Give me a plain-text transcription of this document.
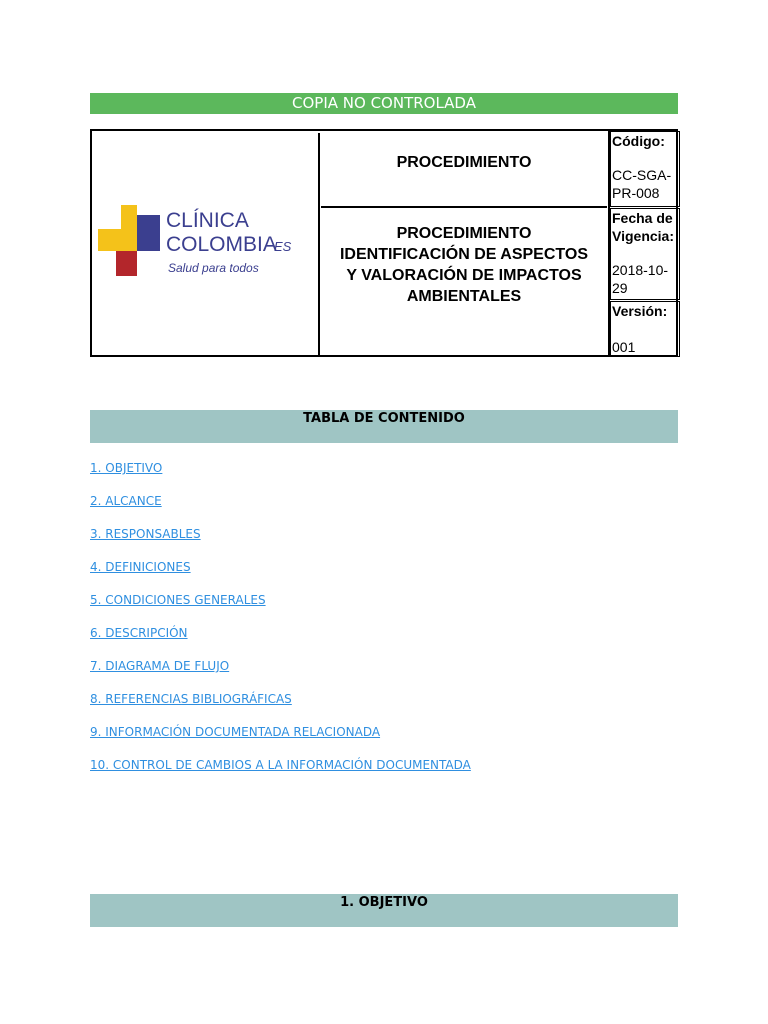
COPIA NO CONTROLADA
CLÍNICA
COLOMBIA
ES
Salud para todos
PROCEDIMIENTO
PROCEDIMIENTO
IDENTIFICACIÓN DE ASPECTOS
Y VALORACIÓN DE IMPACTOS
AMBIENTALES
Código:
CC-SGA-
PR-008
Fecha de
Vigencia:
2018-10-
29
Versión:
001
TABLA DE CONTENIDO
1. OBJETIVO
2. ALCANCE
3. RESPONSABLES
4. DEFINICIONES
5. CONDICIONES GENERALES
6. DESCRIPCIÓN
7. DIAGRAMA DE FLUJO
8. REFERENCIAS BIBLIOGRÁFICAS
9. INFORMACIÓN DOCUMENTADA RELACIONADA
10. CONTROL DE CAMBIOS A LA INFORMACIÓN DOCUMENTADA
1. OBJETIVO
